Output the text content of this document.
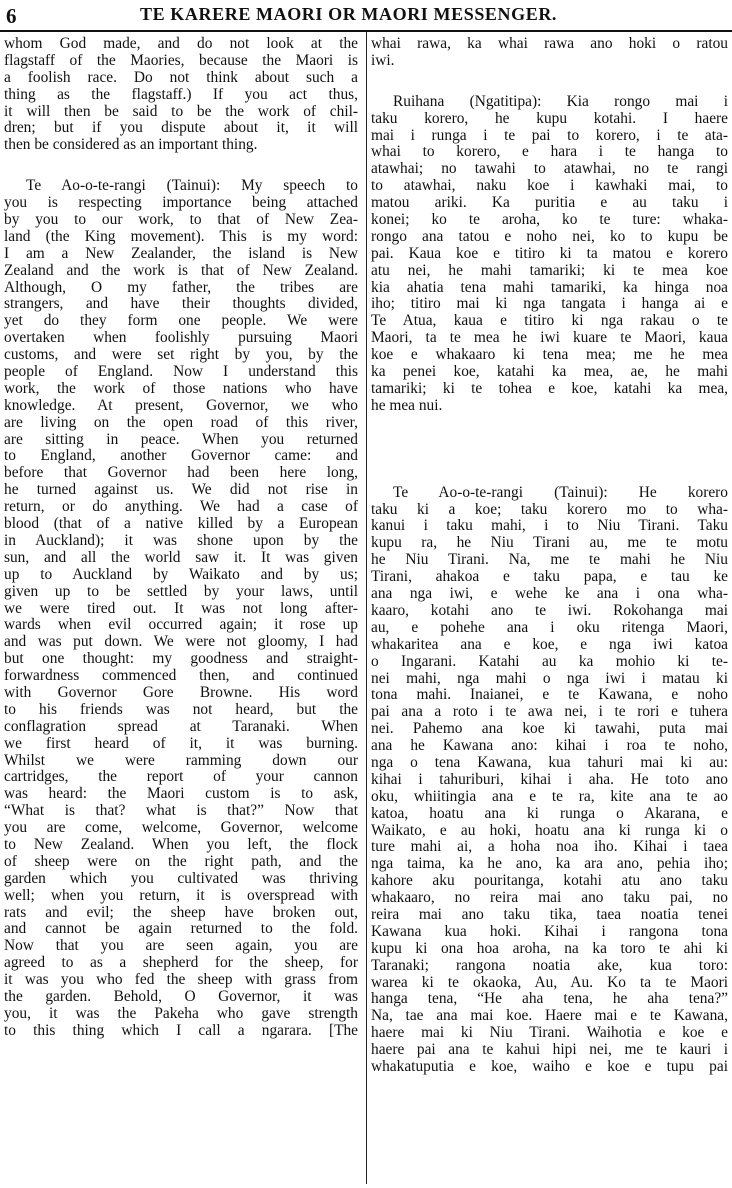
6	TE KARERE MAORI OR MAORI MESSENGER.
whom God made, and do not look at the
flagstaff of the Maories, because the Maori is
a foolish race. Do not think about such a
thing as the flagstaff.) If you act thus,
it will then be said to be the work of chil-
dren; but if you dispute about it, it will
then be considered as an important thing.
Te Ao-o-te-rangi (Tainui): My speech to
you is respecting importance being attached
by you to our work, to that of New Zea-
land (the King movement). This is my word:
I am a New Zealander, the island is New
Zealand and the work is that of New Zealand.
Although, O my father, the tribes are
strangers, and have their thoughts divided,
yet do they form one people. We were
overtaken when foolishly pursuing Maori
customs, and were set right by you, by the
people of England. Now I understand this
work, the work of those nations who have
knowledge. At present, Governor, we who
are living on the open road of this river,
are sitting in peace. When you returned
to England, another Governor came: and
before that Governor had been here long,
he turned against us. We did not rise in
return, or do anything. We had a case of
blood (that of a native killed by a European
in Auckland); it was shone upon by the
sun, and all the world saw it. It was given
up to Auckland by Waikato and by us;
given up to be settled by your laws, until
we were tired out. It was not long after-
wards when evil occurred again; it rose up
and was put down. We were not gloomy, I had
but one thought: my goodness and straight-
forwardness commenced then, and continued
with Governor Gore Browne. His word
to his friends was not heard, but the
conflagration spread at Taranaki. When
we first heard of it, it was burning.
Whilst we were ramming down our
cartridges, the report of your cannon
was heard: the Maori custom is to ask,
“What is that? what is that?” Now that
you are come, welcome, Governor, welcome
to New Zealand. When you left, the flock
of sheep were on the right path, and the
garden which you cultivated was thriving
well; when you return, it is overspread with
rats and evil; the sheep have broken out,
and cannot be again returned to the fold.
Now that you are seen again, you are
agreed to as a shepherd for the sheep, for
it was you who fed the sheep with grass from
the garden. Behold, O Governor, it was
you, it was the Pakeha who gave strength
to this thing which I call a ngarara. [The
whai rawa, ka whai rawa ano hoki o ratou
iwi.
Ruihana (Ngatitipa): Kia rongo mai i
taku korero, he kupu kotahi. I haere
mai i runga i te pai to korero, i te ata-
whai to korero, e hara i te hanga to
atawhai; no tawahi to atawhai, no te rangi
to atawhai, naku koe i kawhaki mai, to
matou ariki. Ka puritia e au taku i
konei; ko te aroha, ko te ture: whaka-
rongo ana tatou e noho nei, ko to kupu be
pai. Kaua koe e titiro ki ta matou e korero
atu nei, he mahi tamariki; ki te mea koe
kia ahatia tena mahi tamariki, ka hinga noa
iho; titiro mai ki nga tangata i hanga ai e
Te Atua, kaua e titiro ki nga rakau o te
Maori, ta te mea he iwi kuare te Maori, kaua
koe e whakaaro ki tena mea; me he mea
ka penei koe, katahi ka mea, ae, he mahi
tamariki; ki te tohea e koe, katahi ka mea,
he mea nui.
Te Ao-o-te-rangi (Tainui): He korero
taku ki a koe; taku korero mo to wha-
kanui i taku mahi, i to Niu Tirani. Taku
kupu ra, he Niu Tirani au, me te motu
he Niu Tirani. Na, me te mahi he Niu
Tirani, ahakoa e taku papa, e tau ke
ana nga iwi, e wehe ke ana i ona wha-
kaaro, kotahi ano te iwi. Rokohanga mai
au, e pohehe ana i oku ritenga Maori,
whakaritea ana e koe, e nga iwi katoa
o Ingarani. Katahi au ka mohio ki te-
nei mahi, nga mahi o nga iwi i matau ki
tona mahi. Inaianei, e te Kawana, e noho
pai ana a roto i te awa nei, i te rori e tuhera
nei. Pahemo ana koe ki tawahi, puta mai
ana he Kawana ano: kihai i roa te noho,
nga o tena Kawana, kua tahuri mai ki au:
kihai i tahuriburi, kihai i aha. He toto ano
oku, whiitingia ana e te ra, kite ana te ao
katoa, hoatu ana ki runga o Akarana, e
Waikato, e au hoki, hoatu ana ki runga ki o
ture mahi ai, a hoha noa iho. Kihai i taea
nga taima, ka he ano, ka ara ano, pehia iho;
kahore aku pouritanga, kotahi atu ano taku
whakaaro, no reira mai ano taku pai, no
reira mai ano taku tika, taea noatia tenei
Kawana kua hoki. Kihai i rangona tona
kupu ki ona hoa aroha, na ka toro te ahi ki
Taranaki; rangona noatia ake, kua toro:
warea ki te okaoka, Au, Au. Ko ta te Maori
hanga tena, “He aha tena, he aha tena?”
Na, tae ana mai koe. Haere mai e te Kawana,
haere mai ki Niu Tirani. Waihotia e koe e
haere pai ana te kahui hipi nei, me te kauri i
whakatuputia e koe, waiho e koe e tupu pai
